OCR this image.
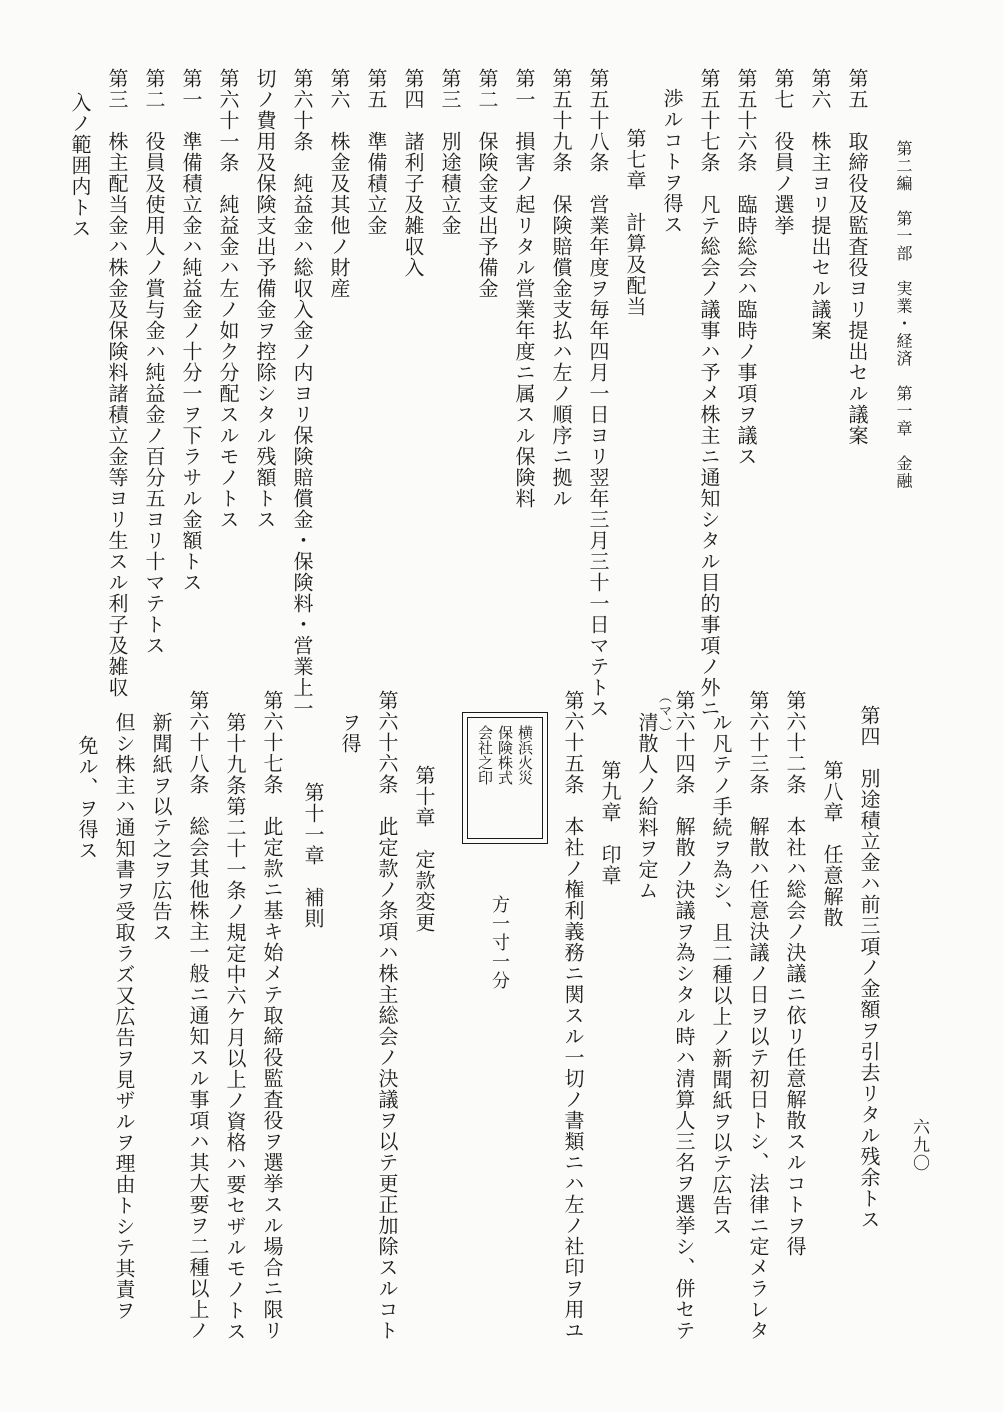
第二編　第一部　実業・経済　第一章　金融
六九〇
第五　取締役及監査役ヨリ提出セル議案
第六　株主ヨリ提出セル議案
第七　役員ノ選挙
第五十六条　臨時総会ハ臨時ノ事項ヲ議ス
第五十七条　凡テ総会ノ議事ハ予メ株主ニ通知シタル目的事項ノ外ニ
渉ルコトヲ得ス
第七章　計算及配当
第五十八条　営業年度ヲ毎年四月一日ヨリ翌年三月三十一日マテトス
第五十九条　保険賠償金支払ハ左ノ順序ニ拠ル
第一　損害ノ起リタル営業年度ニ属スル保険料
第二　保険金支出予備金
第三　別途積立金
第四　諸利子及雑収入
第五　準備積立金
第六　株金及其他ノ財産
第六十条　純益金ハ総収入金ノ内ヨリ保険賠償金・保険料・営業上一
切ノ費用及保険支出予備金ヲ控除シタル残額トス
第六十一条　純益金ハ左ノ如ク分配スルモノトス
第一　準備積立金ハ純益金ノ十分一ヲ下ラサル金額トス
第二　役員及使用人ノ賞与金ハ純益金ノ百分五ヨリ十マテトス
第三　株主配当金ハ株金及保険料諸積立金等ヨリ生スル利子及雑収
入ノ範囲内トス
第四　別途積立金ハ前三項ノ金額ヲ引去リタル残余トス
第八章　任意解散
第六十二条　本社ハ総会ノ決議ニ依リ任意解散スルコトヲ得
第六十三条　解散ハ任意決議ノ日ヲ以テ初日トシ、法律ニ定メラレタ
ル凡テノ手続ヲ為シ、且二種以上ノ新聞紙ヲ以テ広告ス
第六十四条　解散ノ決議ヲ為シタル時ハ清算人三名ヲ選挙シ、併セテ
（マ、）
清散人ノ給料ヲ定ム
第九章　印章
第六十五条　本社ノ権利義務ニ関スル一切ノ書類ニハ左ノ社印ヲ用ユ
横浜火災
保険株式
会社之印
方一寸一分
第十章　定款変更
第六十六条　此定款ノ条項ハ株主総会ノ決議ヲ以テ更正加除スルコト
ヲ得
第十一章　補則
第六十七条　此定款ニ基キ始メテ取締役監査役ヲ選挙スル場合ニ限リ
第十九条第二十一条ノ規定中六ケ月以上ノ資格ハ要セザルモノトス
第六十八条　総会其他株主一般ニ通知スル事項ハ其大要ヲ二種以上ノ
新聞紙ヲ以テ之ヲ広告ス
但シ株主ハ通知書ヲ受取ラズ又広告ヲ見ザルヲ理由トシテ其責ヲ
免ル、ヲ得ス
